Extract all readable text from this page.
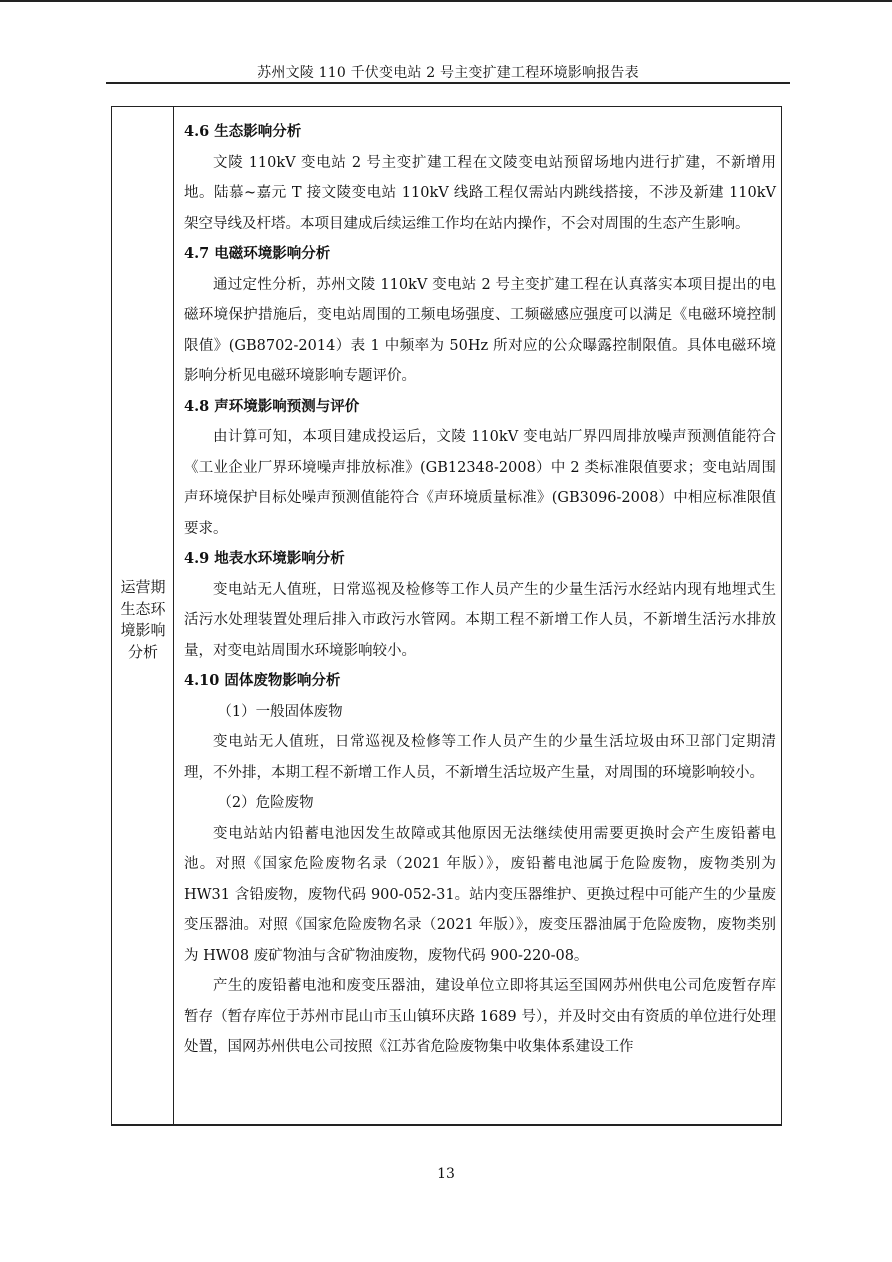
苏州文陵 110 千伏变电站 2 号主变扩建工程环境影响报告表
运营期
生态环
境影响
分析

4.6 生态影响分析

文陵 110kV 变电站 2 号主变扩建工程在文陵变电站预留场地内进行扩建，不新增用地。陆慕~嘉元 T 接文陵变电站 110kV 线路工程仅需站内跳线搭接，不涉及新建 110kV 架空导线及杆塔。本项目建成后续运维工作均在站内操作，不会对周围的生态产生影响。

4.7 电磁环境影响分析

通过定性分析，苏州文陵 110kV 变电站 2 号主变扩建工程在认真落实本项目提出的电磁环境保护措施后，变电站周围的工频电场强度、工频磁感应强度可以满足《电磁环境控制限值》(GB8702-2014）表 1 中频率为 50Hz 所对应的公众曝露控制限值。具体电磁环境影响分析见电磁环境影响专题评价。

4.8 声环境影响预测与评价

由计算可知，本项目建成投运后，文陵 110kV 变电站厂界四周排放噪声预测值能符合《工业企业厂界环境噪声排放标准》(GB12348-2008）中 2 类标准限值要求；变电站周围声环境保护目标处噪声预测值能符合《声环境质量标准》(GB3096-2008）中相应标准限值要求。

4.9 地表水环境影响分析

变电站无人值班，日常巡视及检修等工作人员产生的少量生活污水经站内现有地埋式生活污水处理装置处理后排入市政污水管网。本期工程不新增工作人员，不新增生活污水排放量，对变电站周围水环境影响较小。

4.10 固体废物影响分析

（1）一般固体废物

变电站无人值班，日常巡视及检修等工作人员产生的少量生活垃圾由环卫部门定期清理，不外排，本期工程不新增工作人员，不新增生活垃圾产生量，对周围的环境影响较小。

（2）危险废物

变电站站内铅蓄电池因发生故障或其他原因无法继续使用需要更换时会产生废铅蓄电池。对照《国家危险废物名录（2021 年版）》，废铅蓄电池属于危险废物，废物类别为 HW31 含铅废物，废物代码 900-052-31。站内变压器维护、更换过程中可能产生的少量废变压器油。对照《国家危险废物名录（2021 年版）》，废变压器油属于危险废物，废物类别为 HW08 废矿物油与含矿物油废物，废物代码 900-220-08。

产生的废铅蓄电池和废变压器油，建设单位立即将其运至国网苏州供电公司危废暂存库暂存（暂存库位于苏州市昆山市玉山镇环庆路 1689 号），并及时交由有资质的单位进行处理处置，国网苏州供电公司按照《江苏省危险废物集中收集体系建设工作

13
